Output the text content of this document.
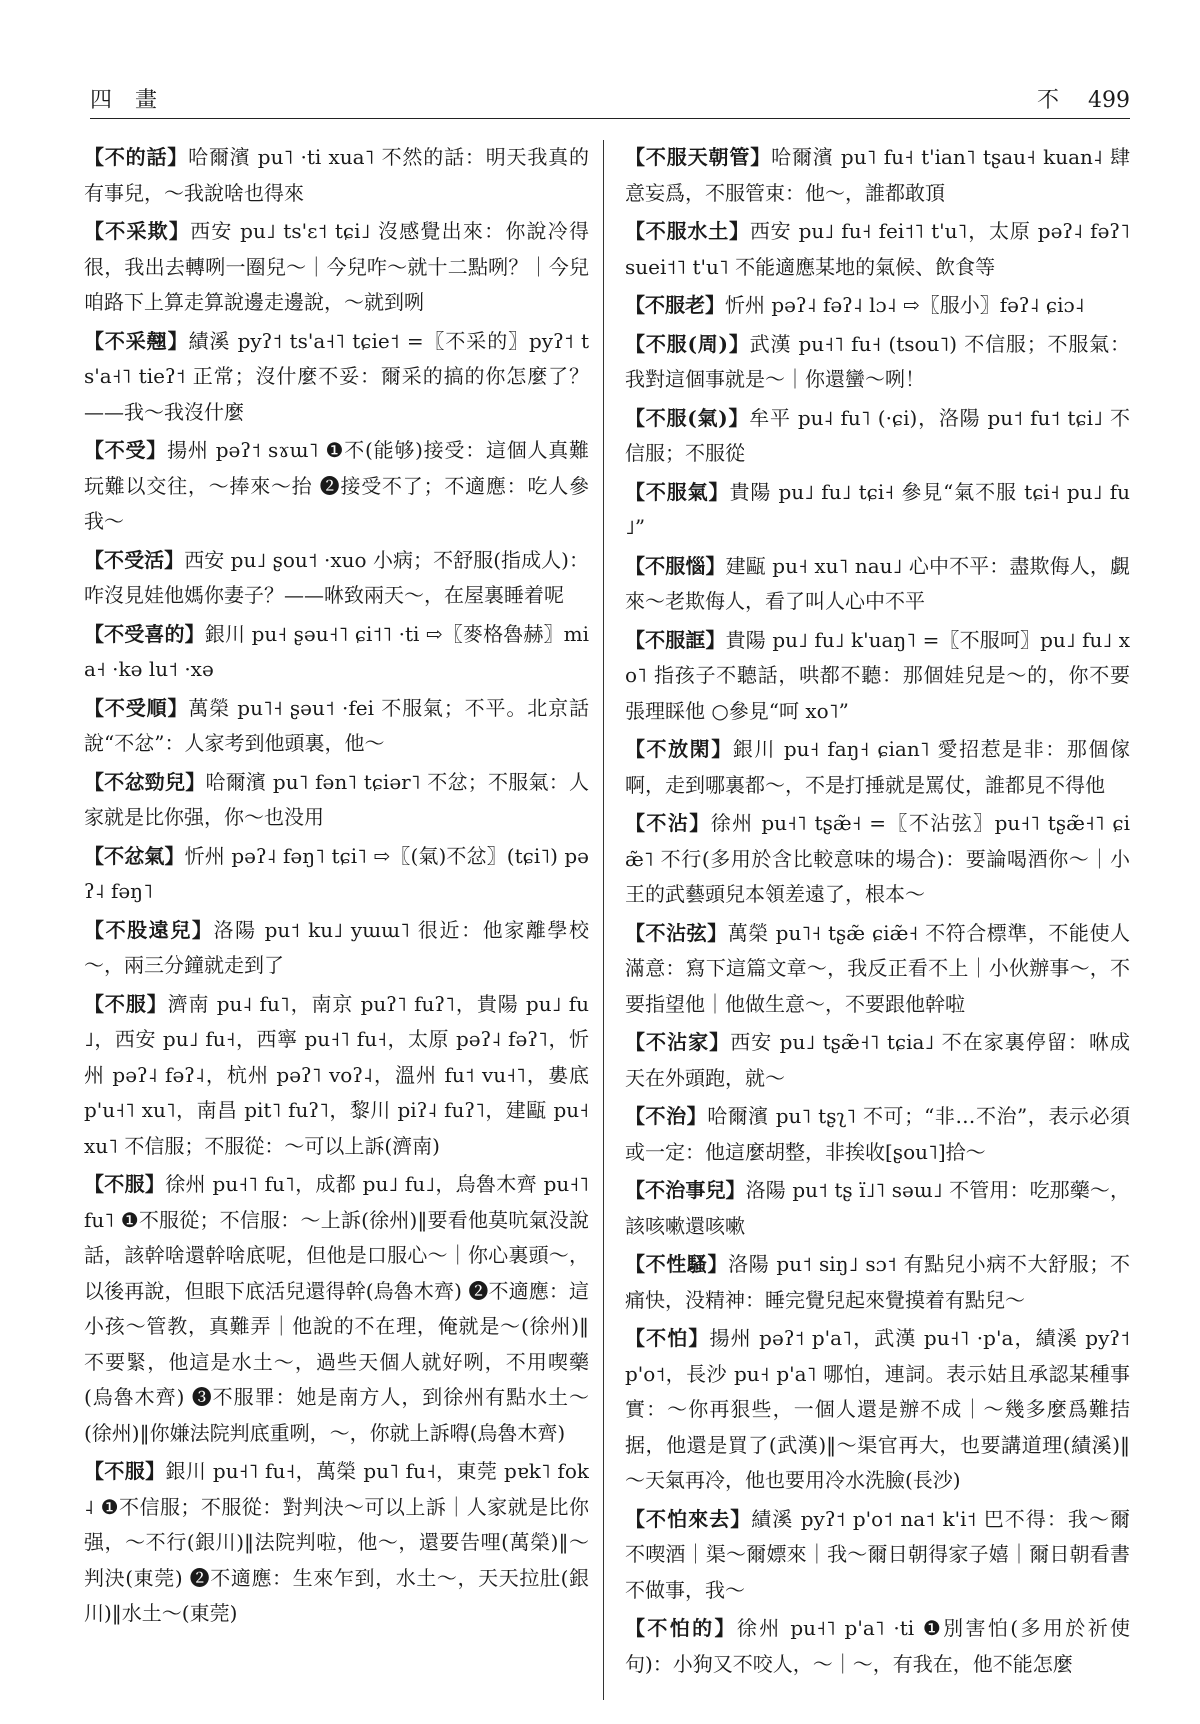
四 畫	不 499

【不的話】哈爾濱 pu˥ ·ti xua˥ 不然的話：明天我真的有事兒，～我說啥也得來

【不采欺】西安 pu˩ ts'ɛ˦ tɕi˩ 沒感覺出來：你說冷得很，我出去轉咧一圈兒～｜今兒咋～就十二點咧？｜今兒咱路下上算走算說邊走邊說，～就到咧

【不采翹】績溪 pyʔ˦ ts'a˧˥ tɕie˦ =〖不采的〗pyʔ˦ ts'a˧˥ tieʔ˦ 正常；沒什麼不妥：爾采的搞的你怎麼了？——我～我沒什麼

【不受】揚州 pəʔ˦ sɤɯ˥ ❶不(能够)接受：這個人真難玩難以交往，～捧來～抬 ❷接受不了；不適應：吃人參我～

【不受活】西安 pu˩ ʂou˦ ·xuo 小病；不舒服(指成人)：咋沒見娃他媽你妻子？——咻致兩天～，在屋裏睡着呢

【不受喜的】銀川 pu˧ ʂəu˧˥ ɕi˦˥ ·ti ⇨〖麥格魯赫〗mia˧ ·kə lu˦ ·xə

【不受順】萬榮 pu˥˧ ʂəu˦ ·fei 不服氣；不平。北京話說“不忿”：人家考到他頭裏，他～

【不忿勁兒】哈爾濱 pu˥ fən˥ tɕiər˥ 不忿；不服氣：人家就是比你强，你～也没用

【不忿氣】忻州 pəʔ˨ fəŋ˥ tɕi˥ ⇨〖(氣)不忿〗(tɕi˥) pəʔ˨ fəŋ˥

【不股遠兒】洛陽 pu˦ ku˩ yɯɯ˥ 很近：他家離學校～，兩三分鐘就走到了

【不服】濟南 pu˨ fu˥，南京 puʔ˥ fuʔ˥，貴陽 pu˩ fu˩，西安 pu˩ fu˧，西寧 pu˧˥ fu˧，太原 pəʔ˨ fəʔ˥，忻州 pəʔ˨ fəʔ˨，杭州 pəʔ˥ voʔ˨，溫州 fu˦ vu˧˥，婁底 p'u˧˥ xu˥，南昌 pit˥ fuʔ˥，黎川 piʔ˨ fuʔ˥，建甌 pu˧ xu˥ 不信服；不服從：～可以上訴(濟南)

【不服】徐州 pu˧˥ fu˥，成都 pu˩ fu˩，烏魯木齊 pu˧˥ fu˥ ❶不服從；不信服：～上訴(徐州)‖要看他莫吭氣没說話，該幹啥還幹啥底呢，但他是口服心～｜你心裏頭～，以後再說，但眼下底活兒還得幹(烏魯木齊) ❷不適應：這小孩～管教，真難弄｜他說的不在理，俺就是～(徐州)‖不要緊，他這是水土～，過些天個人就好咧，不用喫藥(烏魯木齊) ❸不服罪：她是南方人，到徐州有點水土～(徐州)‖你嫌法院判底重咧，～，你就上訴嘚(烏魯木齊)

【不服】銀川 pu˧˥ fu˧，萬榮 pu˥ fu˧，東莞 pɐk˥ fok˨ ❶不信服；不服從：對判決～可以上訴｜人家就是比你强，～不行(銀川)‖法院判啦，他～，還要告哩(萬榮)‖～判決(東莞) ❷不適應：生來乍到，水土～，天天拉肚(銀川)‖水土～(東莞)

【不服天朝管】哈爾濱 pu˥ fu˧ t'ian˥ tʂau˧ kuan˨ 肆意妄爲，不服管束：他～，誰都敢頂

【不服水土】西安 pu˩ fu˧ fei˦˥ t'u˥，太原 pəʔ˨ fəʔ˥ suei˦˥ t'u˥ 不能適應某地的氣候、飲食等

【不服老】忻州 pəʔ˨ fəʔ˨ lɔ˨ ⇨〖服小〗fəʔ˨ ɕiɔ˨

【不服(周)】武漢 pu˧˥ fu˧ (tsou˥) 不信服；不服氣：我對這個事就是～｜你還蠻～咧！

【不服(氣)】牟平 pu˨ fu˥ (·ɕi)，洛陽 pu˦ fu˦ tɕi˩ 不信服；不服從

【不服氣】貴陽 pu˩ fu˩ tɕi˧ 參見“氣不服 tɕi˧ pu˩ fu˩”

【不服惱】建甌 pu˧ xu˥ nau˩ 心中不平：盡欺侮人，覷來～老欺侮人，看了叫人心中不平

【不服誆】貴陽 pu˩ fu˩ k'uaŋ˥ =〖不服呵〗pu˩ fu˩ xo˥ 指孩子不聽話，哄都不聽：那個娃兒是～的，你不要張理睬他 ○參見“呵 xo˥”

【不放閑】銀川 pu˧ faŋ˧ ɕian˥ 愛招惹是非：那個傢啊，走到哪裏都～，不是打捶就是罵仗，誰都見不得他

【不沾】徐州 pu˧˥ tʂæ̃˧ =〖不沾弦〗pu˧˥ tʂæ̃˧˥ ɕiæ̃˥ 不行(多用於含比較意味的場合)：要論喝酒你～｜小王的武藝頭兒本領差遠了，根本～

【不沾弦】萬榮 pu˥˧ tʂæ̃ ɕiæ̃˧ 不符合標準，不能使人滿意：寫下這篇文章～，我反正看不上｜小伙辦事～，不要指望他｜他做生意～，不要跟他幹啦

【不沾家】西安 pu˩ tʂæ̃˧˥ tɕia˩ 不在家裏停留：咻成天在外頭跑，就～

【不治】哈爾濱 pu˥ tʂʅ˥ 不可；“非…不治”，表示必須或一定：他這麼胡整，非挨收[ʂou˥]拾～

【不治事兒】洛陽 pu˦ tʂ ï˩˥ səɯ˩ 不管用：吃那藥～，該咳嗽還咳嗽

【不性騷】洛陽 pu˦ siŋ˩ sɔ˦ 有點兒小病不大舒服；不痛快，没精神：睡完覺兒起來覺摸着有點兒～

【不怕】揚州 pəʔ˦ p'a˥，武漢 pu˧˥ ·p'a，績溪 pyʔ˦ p'o˦，長沙 pu˧ p'a˥ 哪怕，連詞。表示姑且承認某種事實：～你再狠些，一個人還是辦不成｜～幾多麼爲難拮据，他還是買了(武漢)‖～渠官再大，也要講道理(績溪)‖～天氣再冷，他也要用冷水洗臉(長沙)

【不怕來去】績溪 pyʔ˦ p'o˦ na˦ k'i˦ 巴不得：我～爾不喫酒｜渠～爾嫖來｜我～爾日朝得家子嬉｜爾日朝看書不做事，我～

【不怕的】徐州 pu˧˥ p'a˥ ·ti ❶別害怕(多用於祈使句)：小狗又不咬人，～｜～，有我在，他不能怎麼
